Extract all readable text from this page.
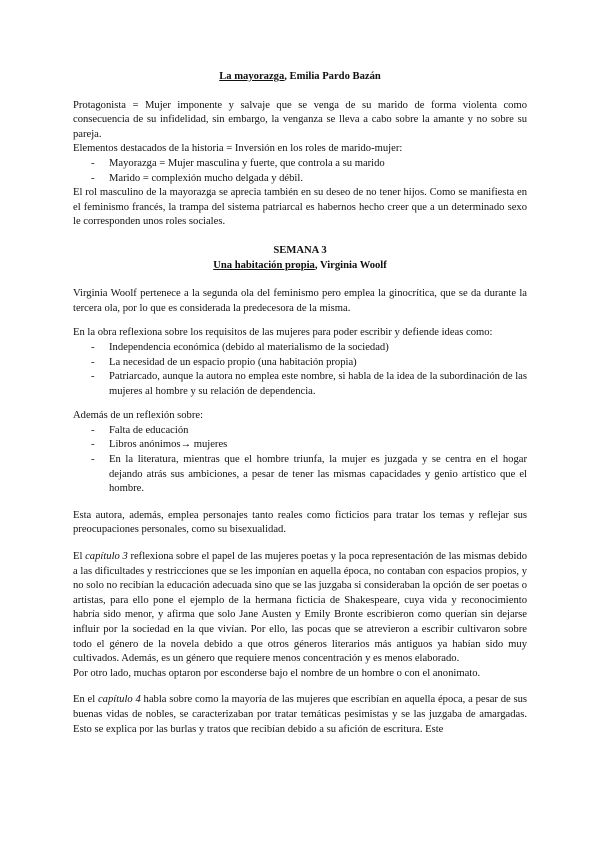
La mayorazga, Emilia Pardo Bazán

Protagonista = Mujer imponente y salvaje que se venga de su marido de forma violenta como consecuencia de su infidelidad, sin embargo, la venganza se lleva a cabo sobre la amante y no sobre su pareja.

Elementos destacados de la historia = Inversión en los roles de marido-mujer:

- Mayorazga = Mujer masculina y fuerte, que controla a su marido
- Marido = complexión mucho delgada y débil.

El rol masculino de la mayorazga se aprecia también en su deseo de no tener hijos. Como se manifiesta en el feminismo francés, la trampa del sistema patriarcal es habernos hecho creer que a un determinado sexo le corresponden unos roles sociales.

SEMANA 3
Una habitación propia, Virginia Woolf

Virginia Woolf pertenece a la segunda ola del feminismo pero emplea la ginocrítica, que se da durante la tercera ola, por lo que es considerada la predecesora de la misma.

En la obra reflexiona sobre los requisitos de las mujeres para poder escribir y defiende ideas como:

- Independencia económica (debido al materialismo de la sociedad)
- La necesidad de un espacio propio (una habitación propia)
- Patriarcado, aunque la autora no emplea este nombre, si habla de la idea de la subordinación de las mujeres al hombre y su relación de dependencia.

Además de un reflexión sobre:

- Falta de educación
- Libros anónimos→ mujeres
- En la literatura, mientras que el hombre triunfa, la mujer es juzgada y se centra en el hogar dejando atrás sus ambiciones, a pesar de tener las mismas capacidades y genio artístico que el hombre.

Esta autora, además, emplea personajes tanto reales como ficticios para tratar los temas y reflejar sus preocupaciones personales, como su bisexualidad.

El capítulo 3 reflexiona sobre el papel de las mujeres poetas y la poca representación de las mismas debido a las dificultades y restricciones que se les imponían en aquella época, no contaban con espacios propios, y no solo no recibían la educación adecuada sino que se las juzgaba si consideraban la opción de ser poetas o artistas, para ello pone el ejemplo de la hermana ficticia de Shakespeare, cuya vida y reconocimiento habría sido menor, y afirma que solo Jane Austen y Emily Bronte escribieron como querían sin dejarse influir por la sociedad en la que vivían. Por ello, las pocas que se atrevieron a escribir cultivaron sobre todo el género de la novela debido a que otros géneros literarios más antiguos ya habían sido muy cultivados. Además, es un género que requiere menos concentración y es menos elaborado.

Por otro lado, muchas optaron por esconderse bajo el nombre de un hombre o con el anonimato.

En el capítulo 4 habla sobre como la mayoría de las mujeres que escribían en aquella época, a pesar de sus buenas vidas de nobles, se caracterizaban por tratar temáticas pesimistas y se las juzgaba de amargadas. Esto se explica por las burlas y tratos que recibían debido a su afición de escritura. Este
